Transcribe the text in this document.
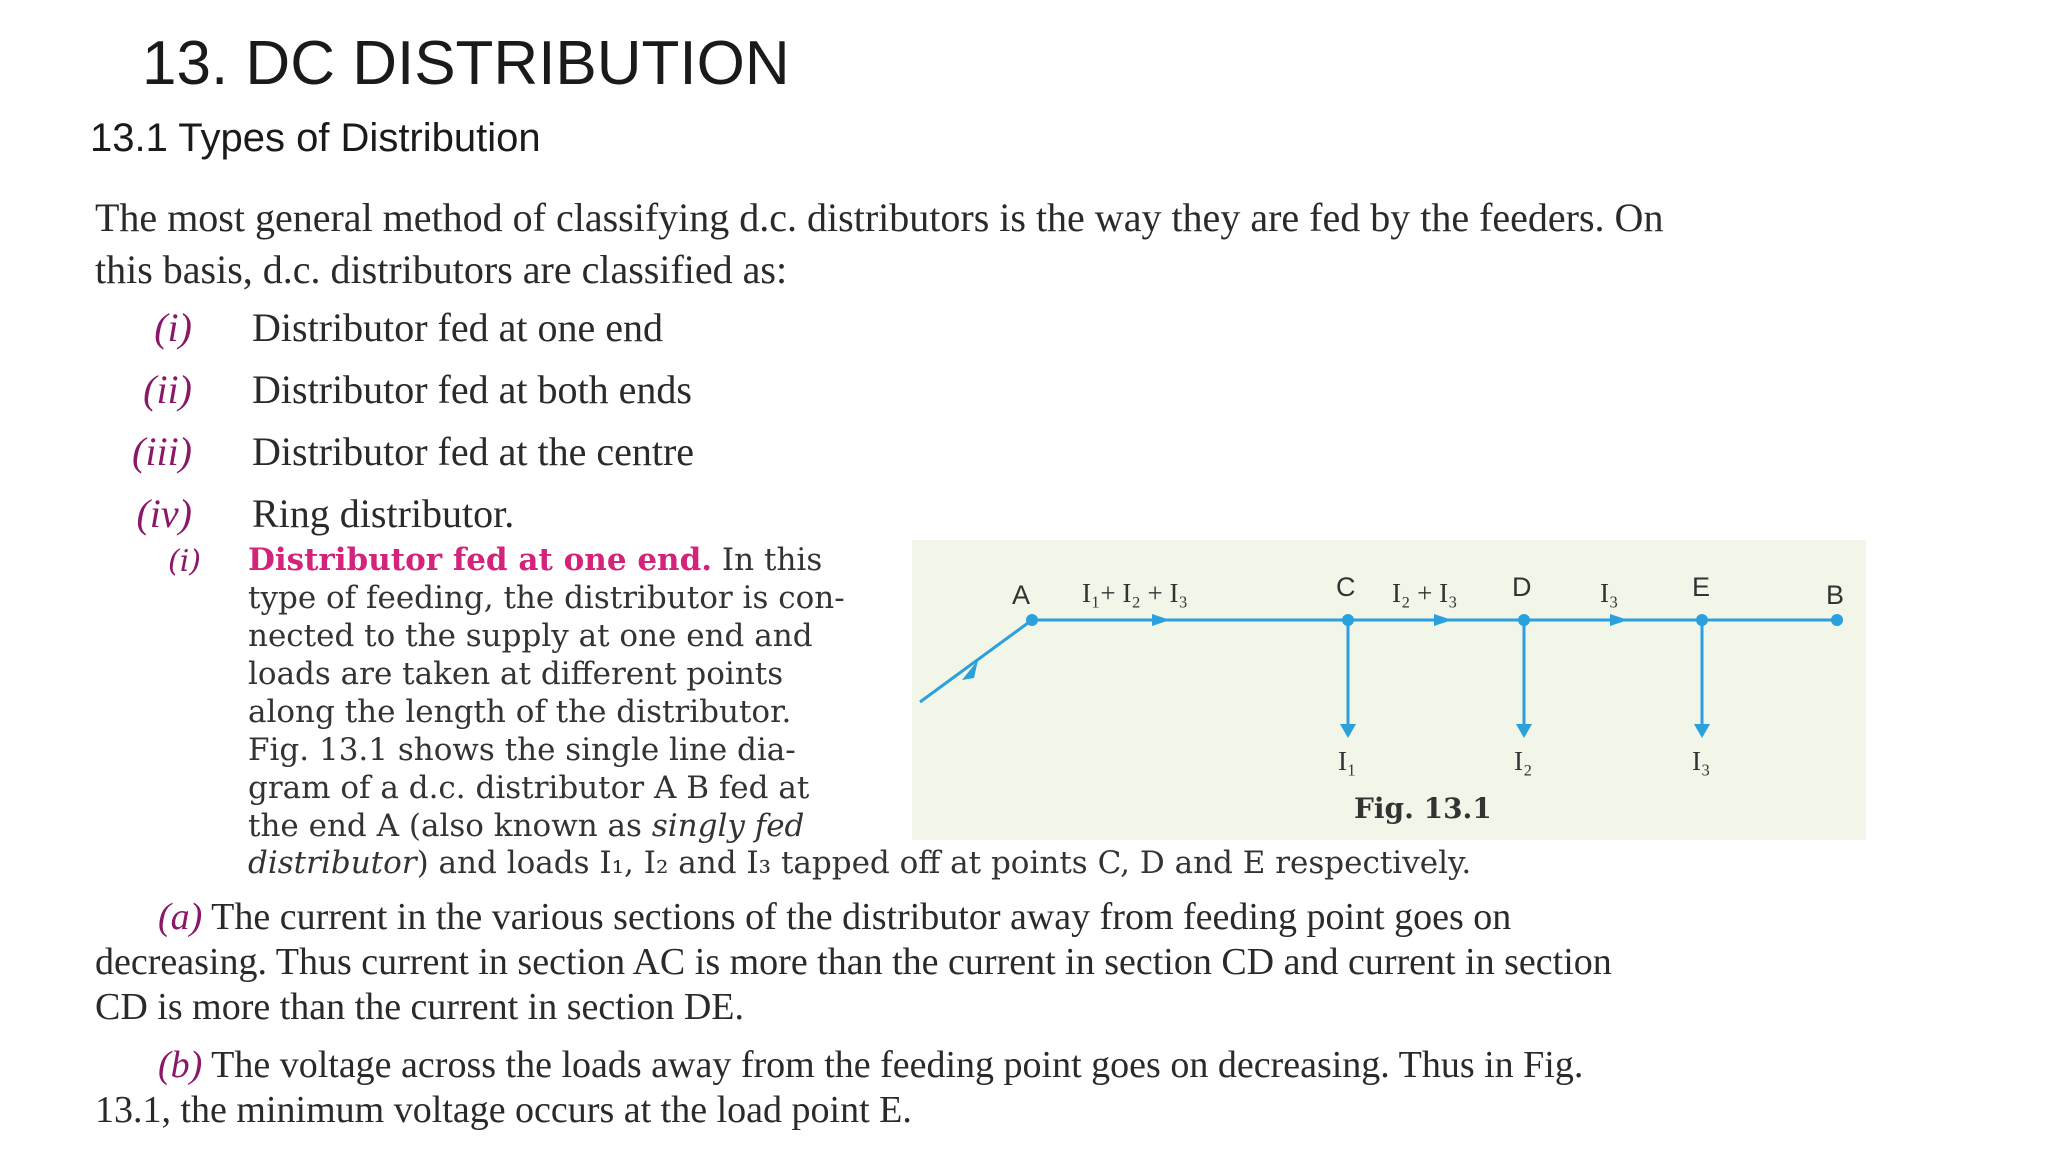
13. DC DISTRIBUTION
13.1 Types of Distribution
The most general method of classifying d.c. distributors is the way they are fed by the feeders. On
this basis, d.c. distributors are classified as:
(i) Distributor fed at one end
(ii) Distributor fed at both ends
(iii) Distributor fed at the centre
(iv) Ring distributor.
(i) Distributor fed at one end. In this
type of feeding, the distributor is con-
nected to the supply at one end and
loads are taken at different points
along the length of the distributor.
Fig. 13.1 shows the single line dia-
gram of a d.c. distributor A B fed at
the end A (also known as singly fed
distributor) and loads I₁, I₂ and I₃ tapped off at points C, D and E respectively.
A	C	D	E	B
I₁+ I₂ + I₃	I₂ + I₃	I₃
I₁	I₂	I₃
Fig. 13.1
(a) The current in the various sections of the distributor away from feeding point goes on
decreasing. Thus current in section AC is more than the current in section CD and current in section
CD is more than the current in section DE.
(b) The voltage across the loads away from the feeding point goes on decreasing. Thus in Fig.
13.1, the minimum voltage occurs at the load point E.
